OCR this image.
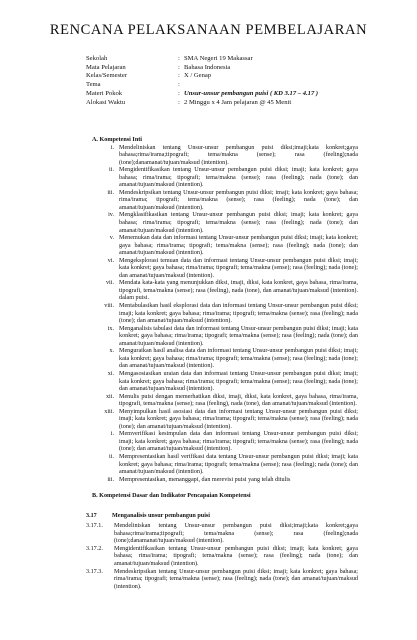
RENCANA PELAKSANAAN PEMBELAJARAN
Sekolah	: SMA Negeri 19 Makassar
Mata Pelajaran	: Bahasa Indonesia
Kelas/Semester	: X / Genap
Tema	:
Materi Pokok	: Unsur-unsur pembangun puisi ( KD 3.17 – 4.17 )
Alokasi Waktu	: 2 Minggu x 4 Jam pelajaran @ 45 Menit
A. Kompetensi Inti
i. Mendeliniskan tentang Unsur-unsur pembangun puisi diksi;imaji;kata konkret;gaya bahasa;rima/irama;tipografi; tema/makna (sense); rasa (feeling);nada (tone);danamanat/tujuan/maksud (intention).
ii. Mengidentifikasikan tentang Unsur-unsur pembangun puisi diksi; imaji; kata konkret; gaya bahasa; rima/irama; tipografi; tema/makna (sense); rasa (feeling); nada (tone); dan amanat/tujuan/maksud (intention).
iii. Mendeskripsikan tentang Unsur-unsur pembangun puisi diksi; imaji; kata konkret; gaya bahasa; rima/irama; tipografi; tema/makna (sense); rasa (feeling); nada (tone); dan amanat/tujuan/maksud (intention).
iv. Mengklasifikasikan tentang Unsur-unsur pembangun puisi diksi; imaji; kata konkret; gaya bahasa; rima/irama; tipografi; tema/makna (sense); rasa (feeling); nada (tone); dan amanat/tujuan/maksud (intention).
v. Menemukan data dan informasi tentang Unsur-unsur pembangun puisi diksi; imaji; kata konkret; gaya bahasa; rima/irama; tipografi; tema/makna (sense); rasa (feeling); nada (tone); dan amanat/tujuan/maksud (intention).
vi. Mengeksplorasi temuan data dan informasi tentang Unsur-unsur pembangun puisi diksi; imaji; kata konkret; gaya bahasa; rima/irama; tipografi; tema/makna (sense); rasa (feeling); nada (tone); dan amanat/tujuan/maksud (intention).
vii. Mendata kata-kata yang menunjukkan diksi, imaji, diksi, kata konkret, gaya bahasa, rima/irama, tipografi, tema/makna (sense); rasa (feeling), nada (tone), dan amanat/tujuan/maksud (intention). dalam puisi.
viii. Mentabulasikan hasil eksplorasi data dan informasi tentang Unsur-unsur pembangun puisi diksi; imaji; kata konkret; gaya bahasa; rima/irama; tipografi; tema/makna (sense); rasa (feeling); nada (tone); dan amanat/tujuan/maksud (intention).
ix. Menganalisis tabulasi data dan informasi tentang Unsur-unsur pembangun puisi diksi; imaji; kata konkret; gaya bahasa; rima/irama; tipografi; tema/makna (sense); rasa (feeling); nada (tone); dan amanat/tujuan/maksud (intention).
x. Menguraikan hasil analisa data dan informasi tentang Unsur-unsur pembangun puisi diksi; imaji; kata konkret; gaya bahasa; rima/irama; tipografi; tema/makna (sense); rasa (feeling); nada (tone); dan amanat/tujuan/maksud (intention).
xi. Mengasosiasikan uraian data dan informasi tentang Unsur-unsur pembangun puisi diksi; imaji; kata konkret; gaya bahasa; rima/irama; tipografi; tema/makna (sense); rasa (feeling); nada (tone); dan amanat/tujuan/maksud (intention).
xii. Menulis puisi dengan memerhatikan diksi, imaji, diksi, kata konkret, gaya bahasa, rima/irama, tipografi, tema/makna (sense); rasa (feeling), nada (tone), dan amanat/tujuan/maksud (intention).
xiii. Menyimpulkan hasil asosiasi data dan informasi tentang Unsur-unsur pembangun puisi diksi; imaji; kata konkret; gaya bahasa; rima/irama; tipografi; tema/makna (sense); rasa (feeling); nada (tone); dan amanat/tujuan/maksud (intention).
i. Memverifikasi kesimpulan data dan informasi tentang Unsur-unsur pembangun puisi diksi; imaji; kata konkret; gaya bahasa; rima/irama; tipografi; tema/makna (sense); rasa (feeling); nada (tone); dan amanat/tujuan/maksud (intention).
ii. Mempresentasikan hasil verifikasi data tentang Unsur-unsur pembangun puisi diksi; imaji; kata konkret; gaya bahasa; rima/irama; tipografi; tema/makna (sense); rasa (feeling); nada (tone); dan amanat/tujuan/maksud (intention).
iii. Mempresentasikan, menanggapi, dan merevisi puisi yang telah ditulis
B. Kompetensi Dasar dan Indikator Pencapaian Kompetensi
3.17	Menganalisis unsur pembangun puisi
3.17.1.	Mendeliniskan tentang Unsur-unsur pembangun puisi diksi;imaji;kata konkret;gaya bahasa;rima/irama;tipografi; tema/makna (sense); rasa (feeling);nada (tone);danamanat/tujuan/maksud (intention).
3.17.2.	Mengidentifikasikan tentang Unsur-unsur pembangun puisi diksi; imaji; kata konkret; gaya bahasa; rima/irama; tipografi; tema/makna (sense); rasa (feeling); nada (tone); dan amanat/tujuan/maksud (intention).
3.17.3.	Mendeskripsikan tentang Unsur-unsur pembangun puisi diksi; imaji; kata konkret; gaya bahasa; rima/irama; tipografi; tema/makna (sense); rasa (feeling); nada (tone); dan amanat/tujuan/maksud (intention).
